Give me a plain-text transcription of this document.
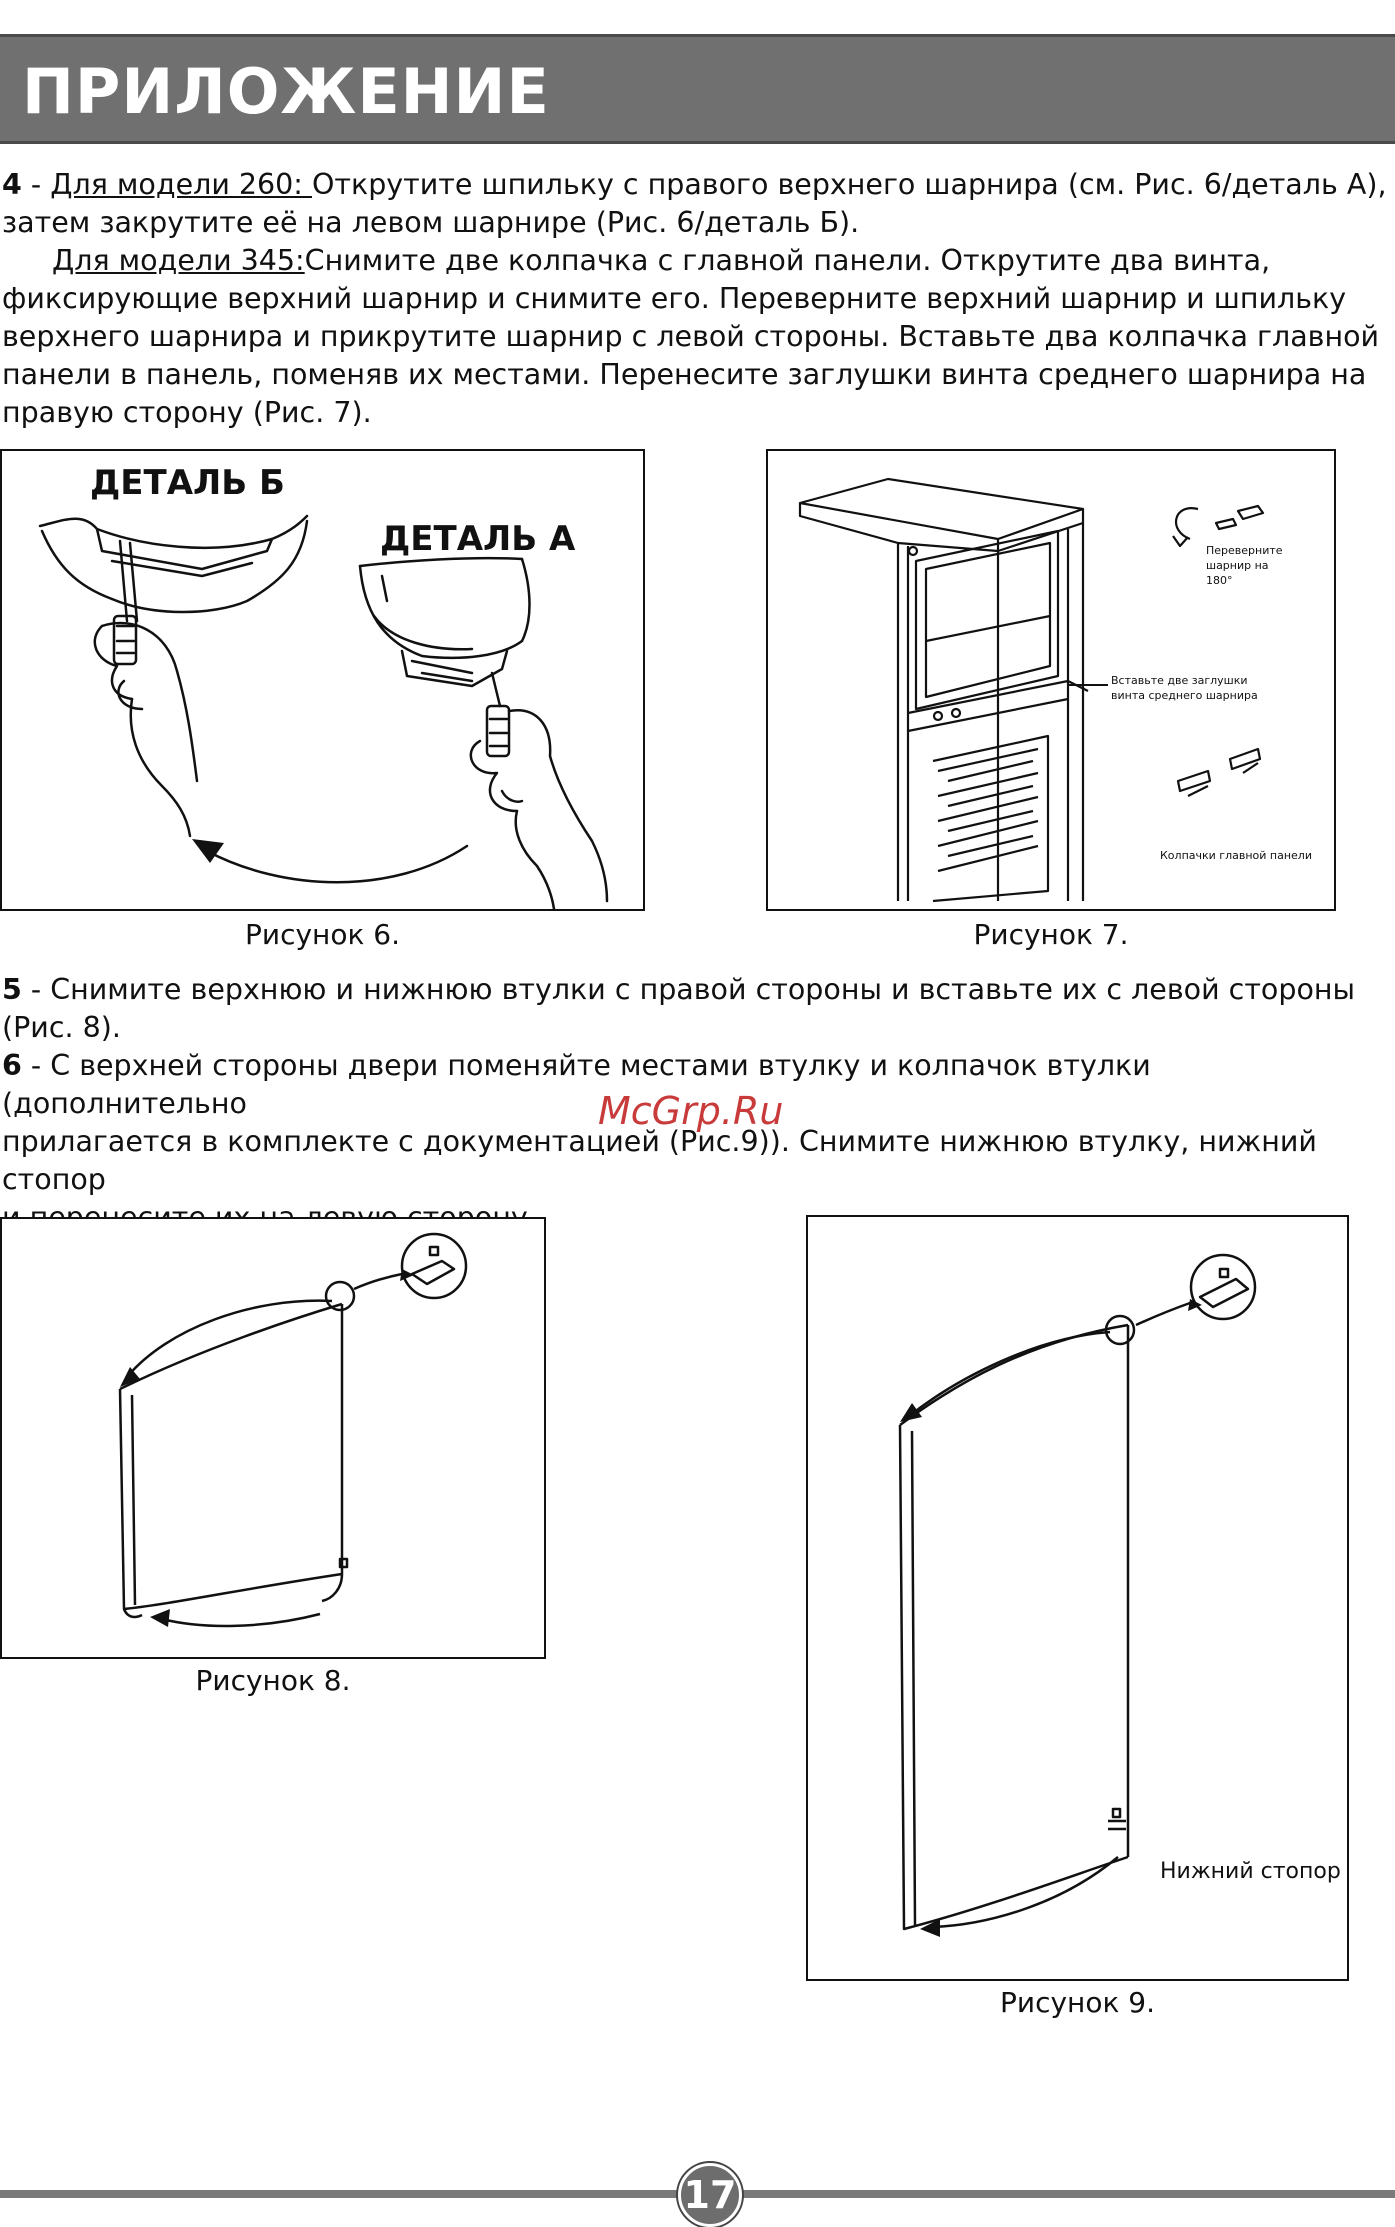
ПРИЛОЖЕНИЕ
4 - Для модели 260: Открутите шпильку с правого верхнего шарнира (см. Рис. 6/деталь А),
затем закрутите её на левом шарнире (Рис. 6/деталь Б).
Для модели 345:Снимите две колпачка с главной панели. Открутите два винта,
фиксирующие верхний шарнир и снимите его. Переверните верхний шарнир и шпильку
верхнего шарнира и прикрутите шарнир с левой стороны. Вставьте два колпачка главной
панели в панель, поменяв их местами. Перенесите заглушки винта среднего шарнира на
правую сторону (Рис. 7).
ДЕТАЛЬ Б
ДЕТАЛЬ А
Рисунок 6.
Переверните
шарнир на
180°
Вставьте две заглушки
винта среднего шарнира
Колпачки главной панели
Рисунок 7.
5 - Снимите верхнюю и нижнюю втулки с правой стороны и вставьте их с левой стороны
(Рис. 8).
6 - С верхней стороны двери поменяйте местами втулку и колпачок втулки (дополнительно
прилагается в комплекте с документацией (Рис.9)). Снимите нижнюю втулку, нижний стопор
McGrp.Ru
Рисунок 8.
Нижний стопор
Рисунок 9.
17
